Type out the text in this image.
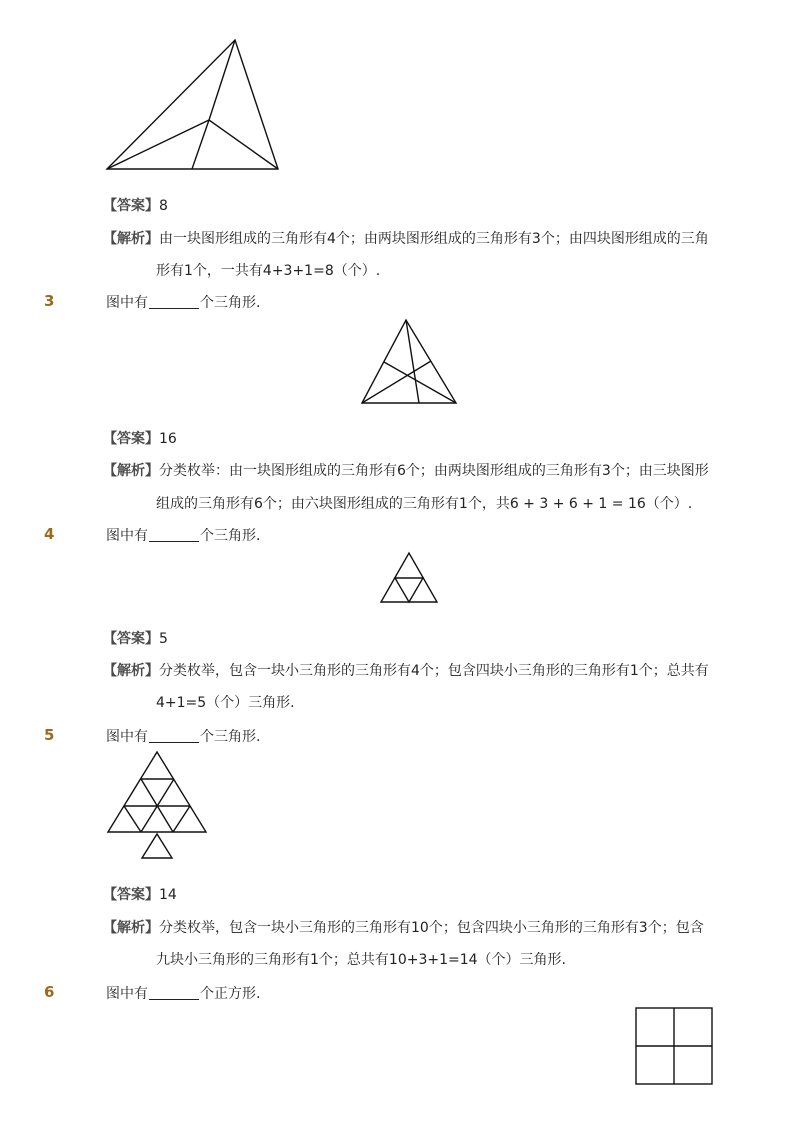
【答案】8
【解析】由一块图形组成的三角形有4个；由两块图形组成的三角形有3个；由四块图形组成的三角
形有1个，一共有4+3+1=8（个）.
3	图中有	个三角形.
【答案】16
【解析】分类枚举：由一块图形组成的三角形有6个；由两块图形组成的三角形有3个；由三块图形
组成的三角形有6个；由六块图形组成的三角形有1个，共6 + 3 + 6 + 1 = 16（个）.
4	图中有	个三角形.
【答案】5
【解析】分类枚举，包含一块小三角形的三角形有4个；包含四块小三角形的三角形有1个；总共有
4+1=5（个）三角形.
5	图中有	个三角形.
【答案】14
【解析】分类枚举，包含一块小三角形的三角形有10个；包含四块小三角形的三角形有3个；包含
九块小三角形的三角形有1个；总共有10+3+1=14（个）三角形.
6	图中有	个正方形.
